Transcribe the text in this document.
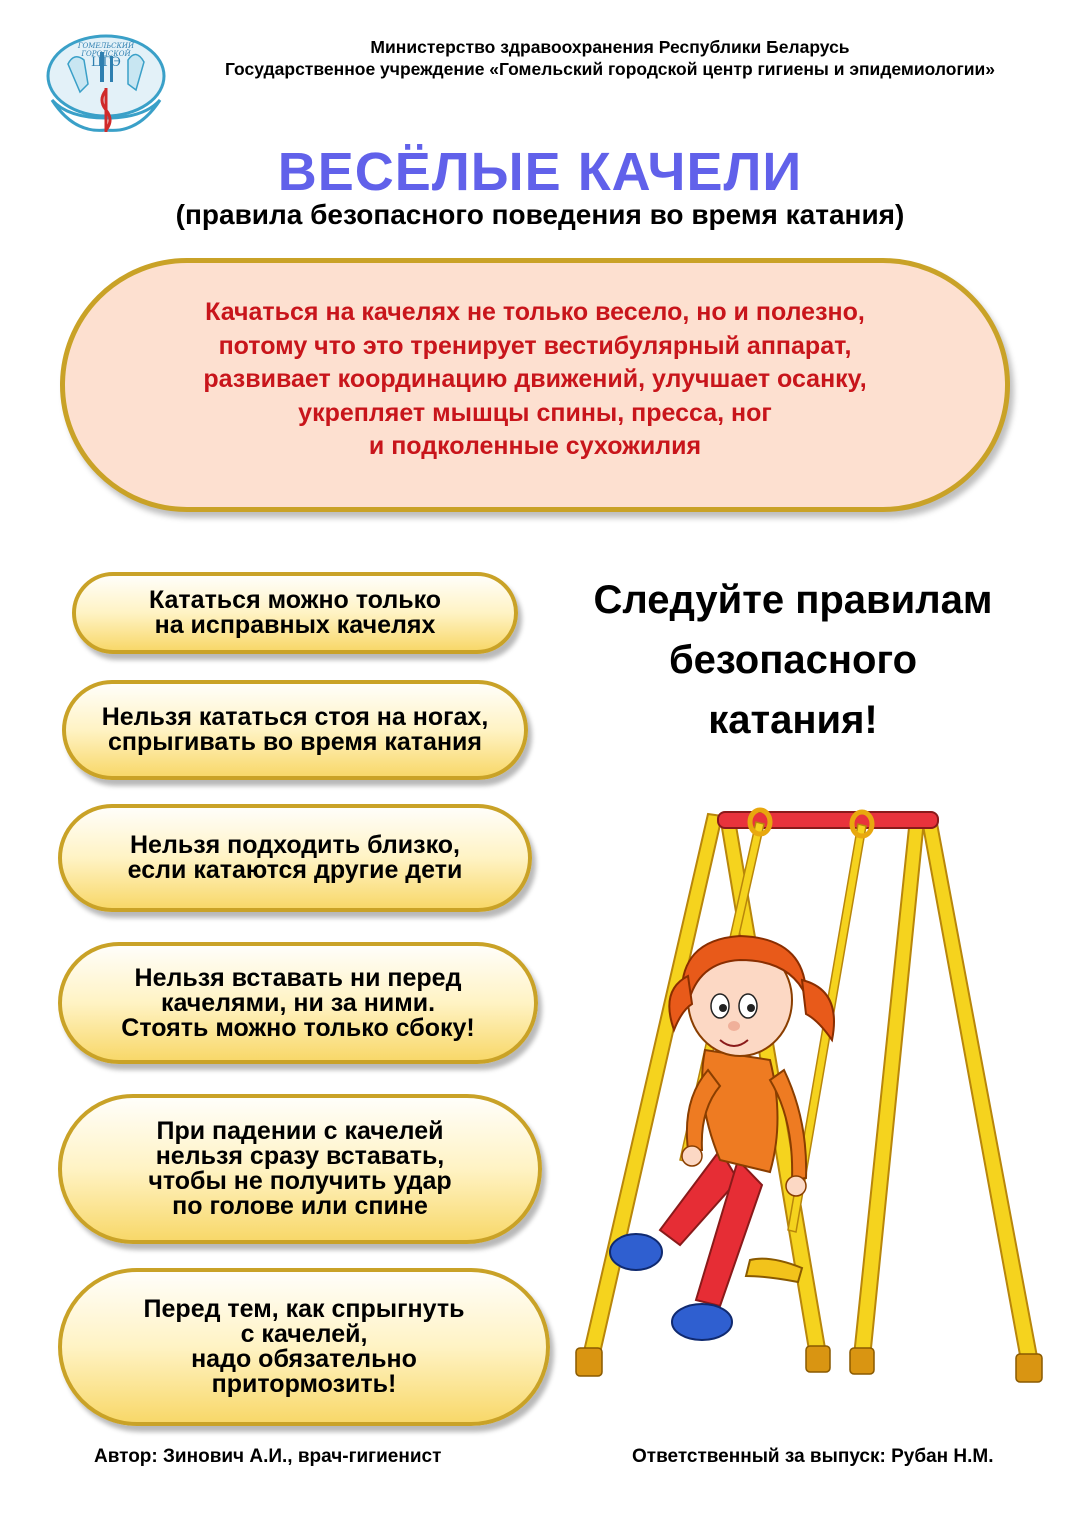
ГОМЕЛЬСКИЙ ГОРОДСКОЙ
ЦГЭ
Министерство здравоохранения Республики Беларусь
Государственное учреждение «Гомельский городской центр гигиены и эпидемиологии»
ВЕСЁЛЫЕ КАЧЕЛИ
(правила безопасного поведения во время катания)
Качаться на качелях не только весело, но и полезно,
потому что это тренирует вестибулярный аппарат,
развивает координацию движений, улучшает осанку,
укрепляет мышцы спины, пресса, ног
и подколенные сухожилия
Кататься можно только
на исправных качелях
Нельзя кататься стоя на ногах,
спрыгивать во время катания
Нельзя подходить близко,
если катаются другие дети
Нельзя вставать ни перед
качелями, ни за ними.
Стоять можно только сбоку!
При падении с качелей
нельзя сразу вставать,
чтобы не получить удар
по голове или спине
Перед тем, как спрыгнуть
с качелей,
надо обязательно
притормозить!
Следуйте правилам
безопасного
катания!
Автор: Зинович А.И., врач-гигиенист	Ответственный за выпуск: Рубан Н.М.
